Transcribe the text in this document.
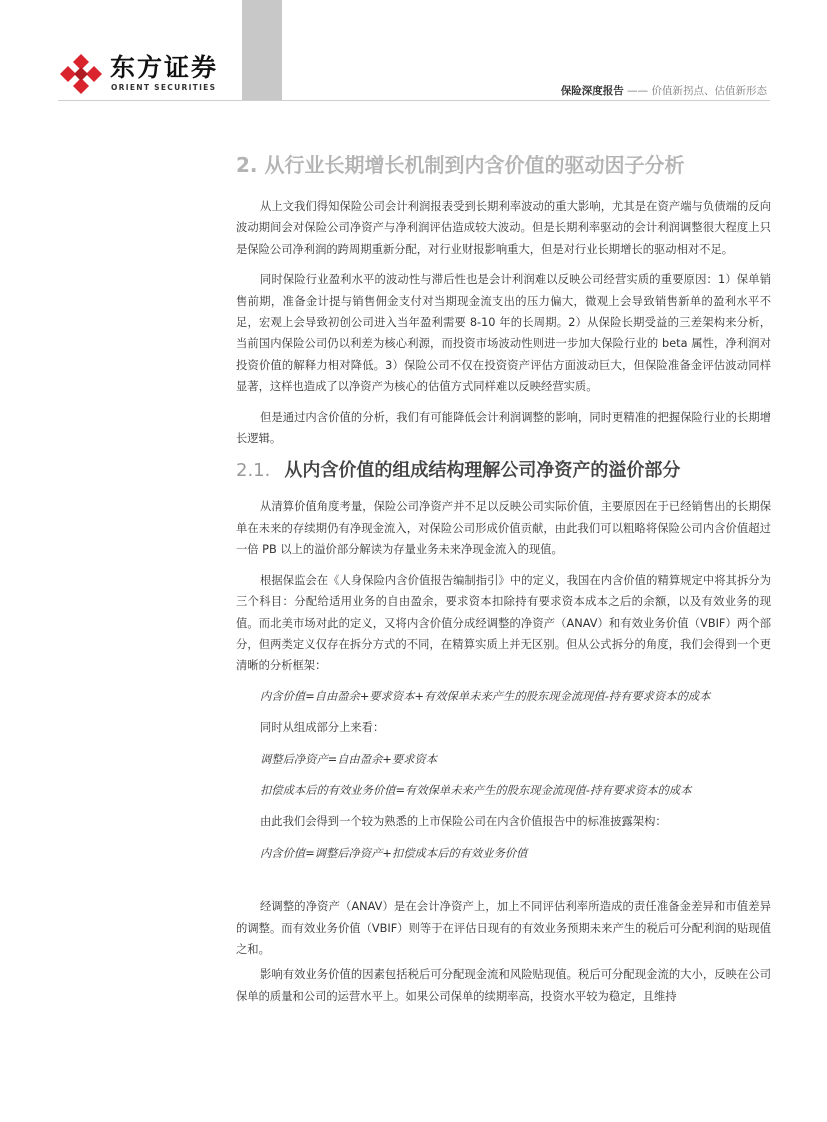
东方证券
ORIENT SECURITIES	保险深度报告 —— 价值新拐点、估值新形态
2. 从行业长期增长机制到内含价值的驱动因子分析

从上文我们得知保险公司会计利润报表受到长期利率波动的重大影响，尤其是在资产端与负债端的反向波动期间会对保险公司净资产与净利润评估造成较大波动。但是长期利率驱动的会计利润调整很大程度上只是保险公司净利润的跨周期重新分配，对行业财报影响重大，但是对行业长期增长的驱动相对不足。

同时保险行业盈利水平的波动性与滞后性也是会计利润难以反映公司经营实质的重要原因：1）保单销售前期，准备金计提与销售佣金支付对当期现金流支出的压力偏大，微观上会导致销售新单的盈利水平不足，宏观上会导致初创公司进入当年盈利需要 8-10 年的长周期。2）从保险长期受益的三差架构来分析，当前国内保险公司仍以利差为核心利源，而投资市场波动性则进一步加大保险行业的 beta 属性，净利润对投资价值的解释力相对降低。3）保险公司不仅在投资资产评估方面波动巨大，但保险准备金评估波动同样显著，这样也造成了以净资产为核心的估值方式同样难以反映经营实质。

但是通过内含价值的分析，我们有可能降低会计利润调整的影响，同时更精准的把握保险行业的长期增长逻辑。

2.1. 从内含价值的组成结构理解公司净资产的溢价部分

从清算价值角度考量，保险公司净资产并不足以反映公司实际价值，主要原因在于已经销售出的长期保单在未来的存续期仍有净现金流入，对保险公司形成价值贡献，由此我们可以粗略将保险公司内含价值超过一倍 PB 以上的溢价部分解读为存量业务未来净现金流入的现值。

根据保监会在《人身保险内含价值报告编制指引》中的定义，我国在内含价值的精算规定中将其拆分为三个科目：分配给适用业务的自由盈余，要求资本扣除持有要求资本成本之后的余额，以及有效业务的现值。而北美市场对此的定义，又将内含价值分成经调整的净资产（ANAV）和有效业务价值（VBIF）两个部分，但两类定义仅存在拆分方式的不同，在精算实质上并无区别。但从公式拆分的角度，我们会得到一个更清晰的分析框架：

内含价值=自由盈余+要求资本+有效保单未来产生的股东现金流现值-持有要求资本的成本
同时从组成部分上来看：
调整后净资产=自由盈余+要求资本
扣偿成本后的有效业务价值=有效保单未来产生的股东现金流现值-持有要求资本的成本
由此我们会得到一个较为熟悉的上市保险公司在内含价值报告中的标准披露架构：
内含价值=调整后净资产+扣偿成本后的有效业务价值

经调整的净资产（ANAV）是在会计净资产上，加上不同评估利率所造成的责任准备金差异和市值差异的调整。而有效业务价值（VBIF）则等于在评估日现有的有效业务预期未来产生的税后可分配利润的贴现值之和。

影响有效业务价值的因素包括税后可分配现金流和风险贴现值。税后可分配现金流的大小，反映在公司保单的质量和公司的运营水平上。如果公司保单的续期率高，投资水平较为稳定，且维持
